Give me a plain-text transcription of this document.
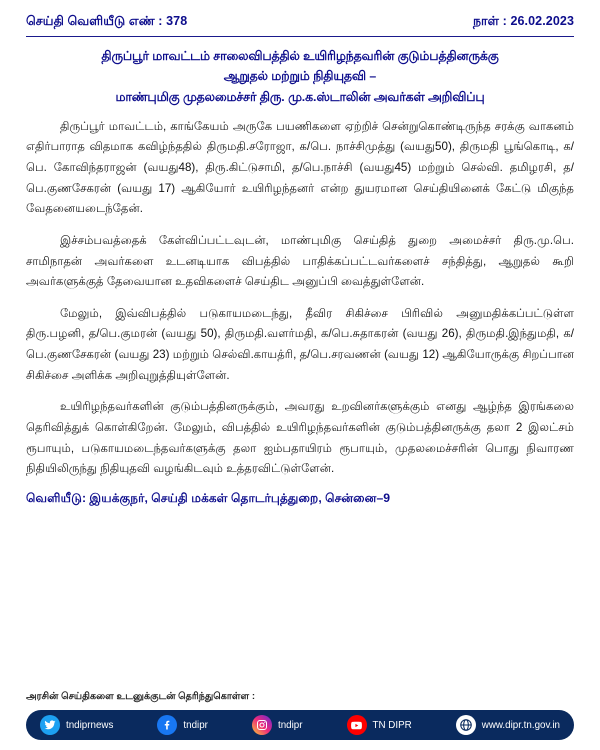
செய்தி வெளியீடு எண் : 378	நாள் : 26.02.2023
திருப்பூர் மாவட்டம் சாலைவிபத்தில் உயிரிழந்தவரின் குடும்பத்தினருக்கு
ஆறுதல் மற்றும் நிதியுதவி –
மாண்புமிகு முதலமைச்சர் திரு. மு.க.ஸ்டாலின் அவர்கள் அறிவிப்பு

திருப்பூர் மாவட்டம், காங்கேயம் அருகே பயணிகளை ஏற்றிச் சென்றுகொண்டிருந்த சரக்கு வாகனம் எதிர்பாராத விதமாக கவிழ்ந்ததில் திருமதி.சரோஜா, க/பெ. நாச்சிமுத்து (வயது50), திருமதி பூங்கொடி, க/பெ. கோவிந்தராஜன் (வயது48), திரு.கிட்டுசாமி, த/பெ.நாச்சி (வயது45) மற்றும் செல்வி. தமிழரசி, த/பெ.குணசேகரன் (வயது 17) ஆகியோர் உயிரிழந்தனர் என்ற துயரமான செய்தியினைக் கேட்டு மிகுந்த வேதனையடைந்தேன்.

இச்சம்பவத்தைக் கேள்விப்பட்டவுடன், மாண்புமிகு செய்தித் துறை அமைச்சர் திரு.மு.பெ. சாமிநாதன் அவர்களை உடனடியாக விபத்தில் பாதிக்கப்பட்டவர்களைச் சந்தித்து, ஆறுதல் கூறி அவர்களுக்குத் தேவையான உதவிகளைச் செய்திட அனுப்பி வைத்துள்ளேன்.

மேலும், இவ்விபத்தில் படுகாயமடைந்து, தீவிர சிகிச்சை பிரிவில் அனுமதிக்கப்பட்டுள்ள திரு.பழனி, த/பெ.குமரன் (வயது 50), திருமதி.வளர்மதி, க/பெ.சுதாகரன் (வயது 26), திருமதி.இந்துமதி, க/பெ.குணசேகரன் (வயது 23) மற்றும் செல்வி.காயத்ரி, த/பெ.சரவணன் (வயது 12) ஆகியோருக்கு சிறப்பான சிகிச்சை அளிக்க அறிவுறுத்தியுள்ளேன்.

உயிரிழந்தவர்களின் குடும்பத்தினருக்கும், அவரது உறவினர்களுக்கும் எனது ஆழ்ந்த இரங்கலை தெரிவித்துக் கொள்கிறேன். மேலும், விபத்தில் உயிரிழந்தவர்களின் குடும்பத்தினருக்கு தலா 2 இலட்சம் ரூபாயும், படுகாயமடைந்தவர்களுக்கு தலா ஐம்பதாயிரம் ரூபாயும், முதலமைச்சரின் பொது நிவாரண நிதியிலிருந்து நிதியுதவி வழங்கிடவும் உத்தரவிட்டுள்ளேன்.

வெளியீடு: இயக்குநர், செய்தி மக்கள் தொடர்புத்துறை, சென்னை–9
அரசின் செய்திகளை உடனுக்குடன் தெரிந்துகொள்ள :
tndiprnews	tndipr	tndipr	TN DIPR	www.dipr.tn.gov.in
